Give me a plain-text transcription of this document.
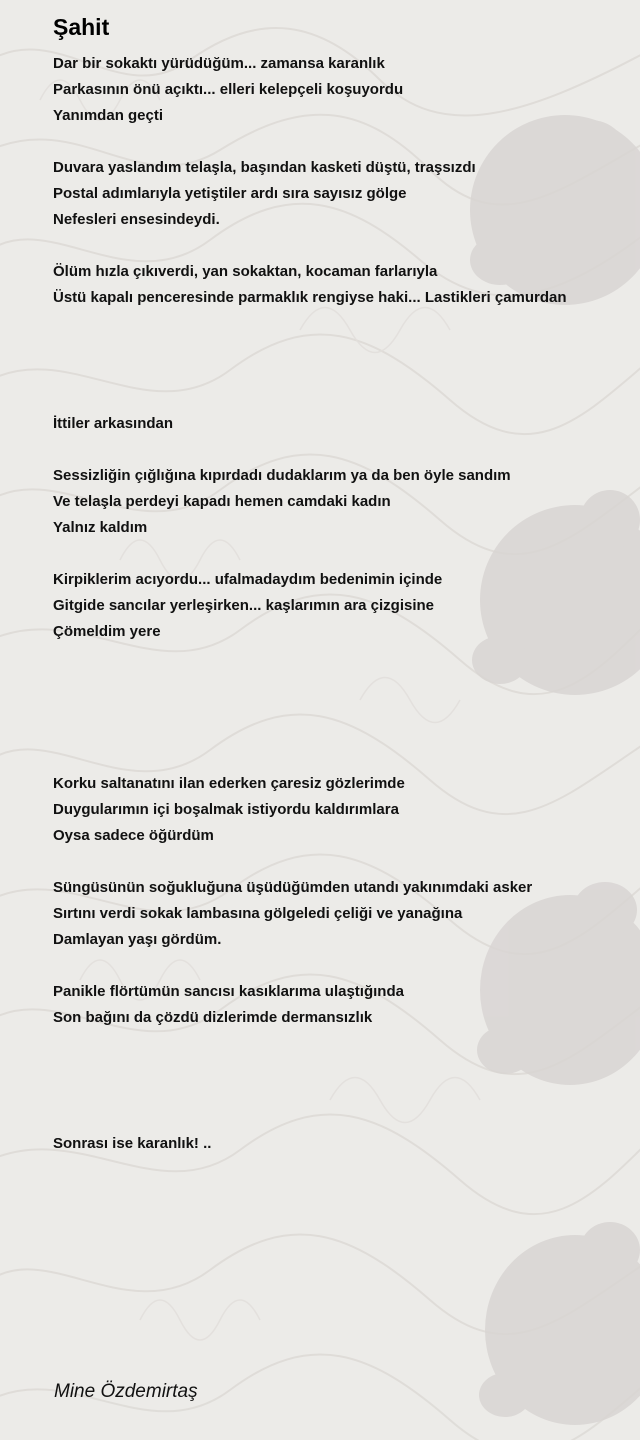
Şahit
Dar bir sokaktı yürüdüğüm... zamansa karanlık
Parkasının önü açıktı... elleri kelepçeli koşuyordu
Yanımdan geçti
Duvara yaslandım telaşla, başından kasketi düştü, traşsızdı
Postal adımlarıyla yetiştiler ardı sıra sayısız gölge
Nefesleri ensesindeydi.
Ölüm hızla çıkıverdi, yan sokaktan, kocaman farlarıyla
Üstü kapalı penceresinde parmaklık rengiyse haki... Lastikleri çamurdan
İttiler arkasından
Sessizliğin çığlığına kıpırdadı dudaklarım ya da ben öyle sandım
Ve telaşla perdeyi kapadı hemen camdaki kadın
Yalnız kaldım
Kirpiklerim acıyordu... ufalmadaydım bedenimin içinde
Gitgide sancılar yerleşirken... kaşlarımın ara çizgisine
Çömeldim yere
Korku saltanatını ilan ederken çaresiz gözlerimde
Duygularımın içi boşalmak istiyordu kaldırımlara
Oysa sadece öğürdüm
Süngüsünün soğukluğuna üşüdüğümden utandı yakınımdaki asker
Sırtını verdi sokak lambasına gölgeledi çeliği ve yanağına
Damlayan yaşı gördüm.
Panikle flörtümün sancısı kasıklarıma ulaştığında
Son bağını da çözdü dizlerimde dermansızlık
Sonrası ise karanlık! ..
Mine Özdemirtaş
